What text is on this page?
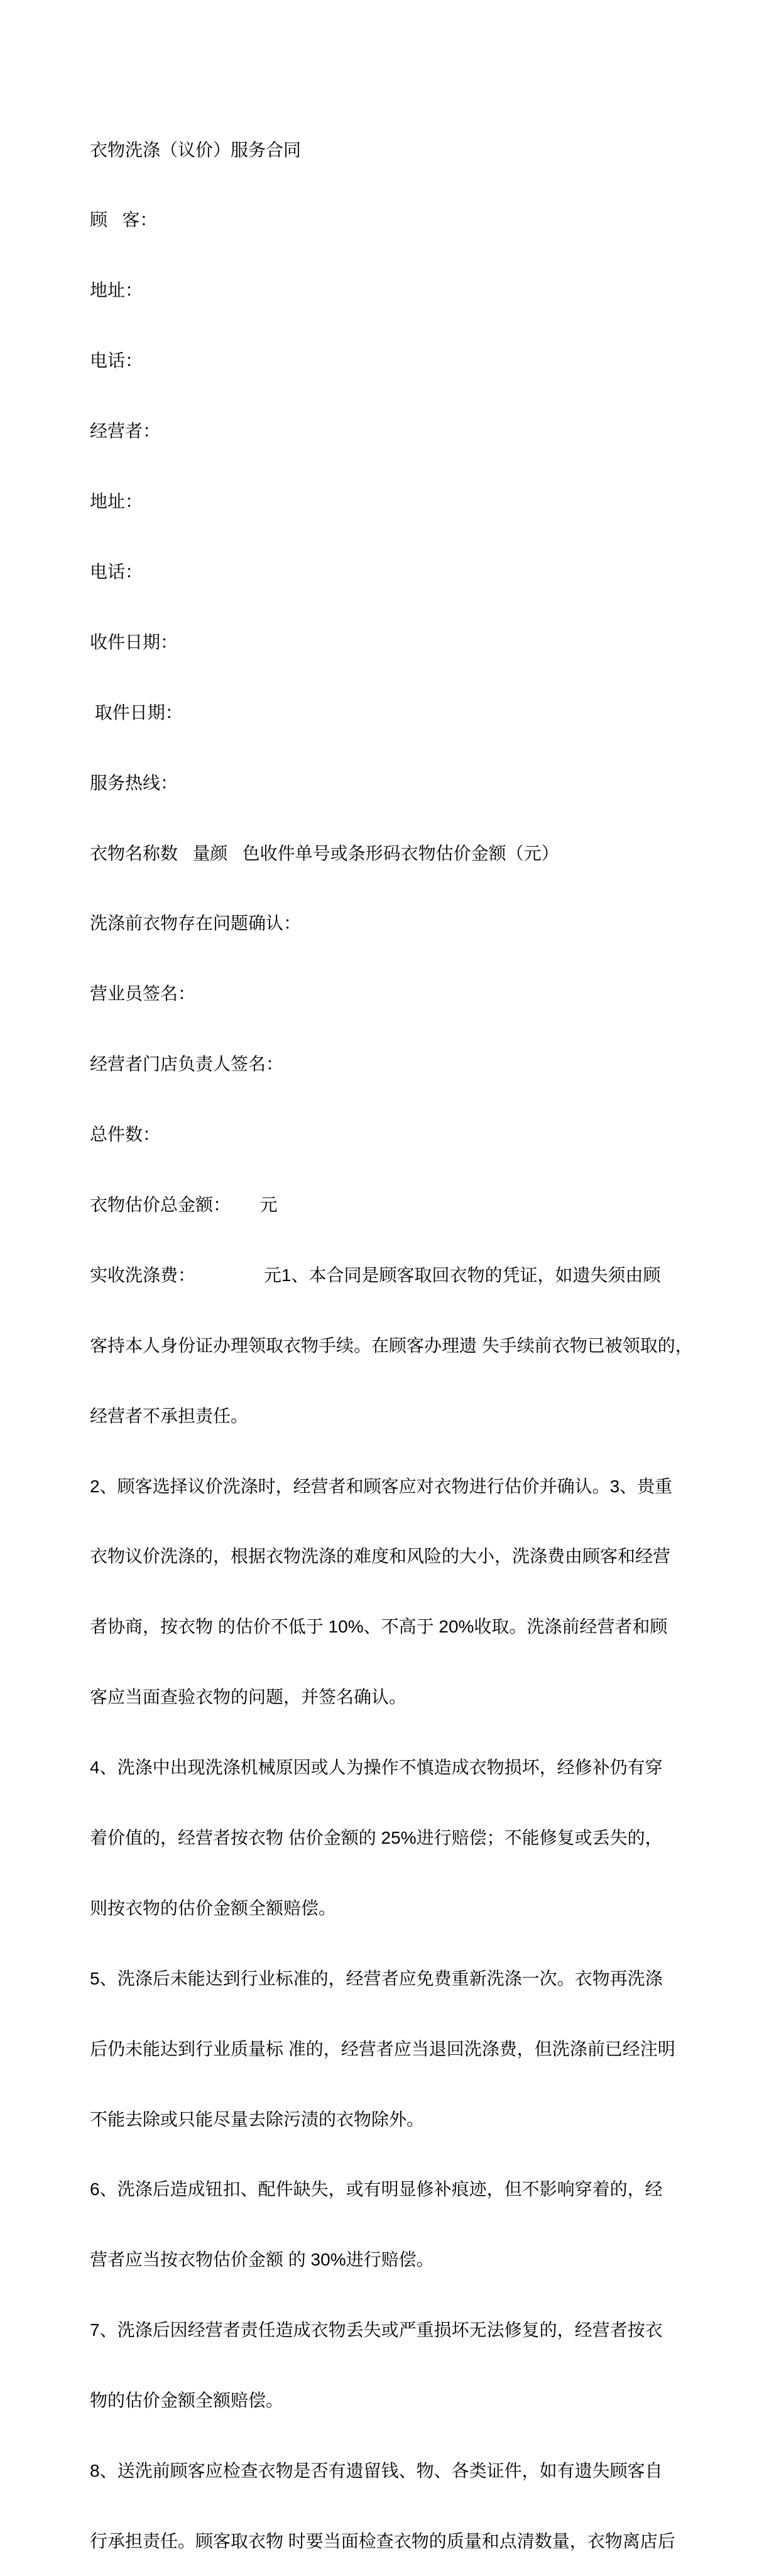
衣物洗涤（议价）服务合同

顾   客：

地址：

电话：

经营者：

地址：

电话：

收件日期：

取件日期：

服务热线：

衣物名称数   量颜   色收件单号或条形码衣物估价金额（元）

洗涤前衣物存在问题确认：

营业员签名：

经营者门店负责人签名：

总件数：

衣物估价总金额：      元

实收洗涤费：              元1、本合同是顾客取回衣物的凭证，如遗失须由顾

客持本人身份证办理领取衣物手续。在顾客办理遗 失手续前衣物已被领取的，

经营者不承担责任。

2、顾客选择议价洗涤时，经营者和顾客应对衣物进行估价并确认。3、贵重

衣物议价洗涤的，根据衣物洗涤的难度和风险的大小，洗涤费由顾客和经营

者协商，按衣物 的估价不低于 10%、不高于 20%收取。洗涤前经营者和顾

客应当面查验衣物的问题，并签名确认。

4、洗涤中出现洗涤机械原因或人为操作不慎造成衣物损坏，经修补仍有穿

着价值的，经营者按衣物 估价金额的 25%进行赔偿；不能修复或丢失的，

则按衣物的估价金额全额赔偿。

5、洗涤后未能达到行业标准的，经营者应免费重新洗涤一次。衣物再洗涤

后仍未能达到行业质量标 准的，经营者应当退回洗涤费，但洗涤前已经注明

不能去除或只能尽量去除污渍的衣物除外。

6、洗涤后造成钮扣、配件缺失，或有明显修补痕迹，但不影响穿着的，经

营者应当按衣物估价金额 的 30%进行赔偿。

7、洗涤后因经营者责任造成衣物丢失或严重损坏无法修复的，经营者按衣

物的估价金额全额赔偿。

8、送洗前顾客应检查衣物是否有遗留钱、物、各类证件，如有遗失顾客自

行承担责任。顾客取衣物 时要当面检查衣物的质量和点清数量，衣物离店后
